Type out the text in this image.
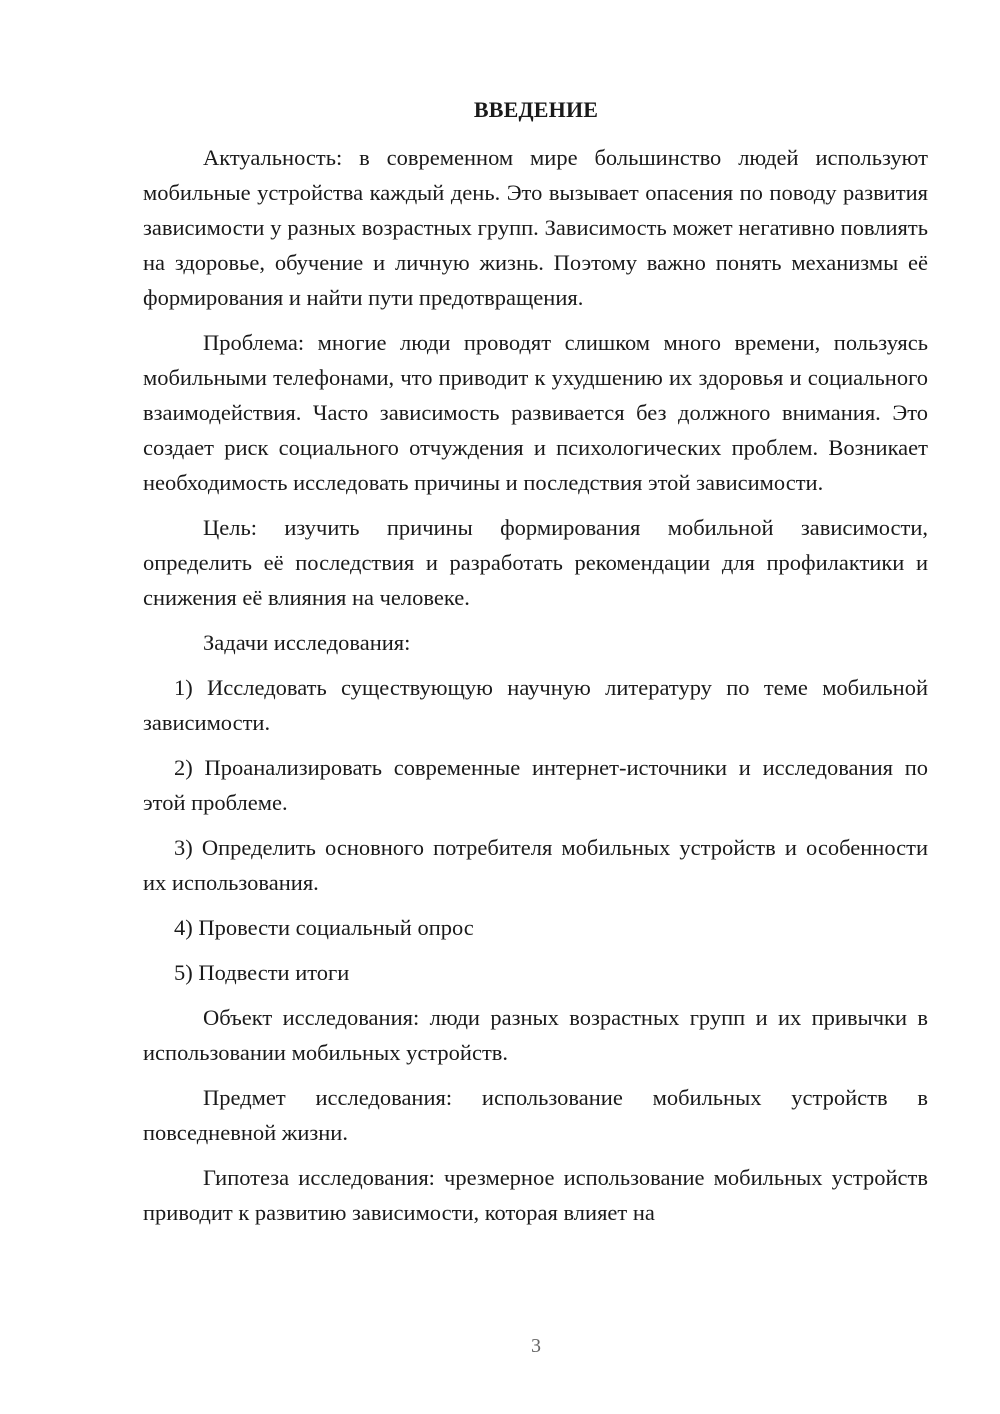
ВВЕДЕНИЕ

Актуальность: в современном мире большинство людей используют мобильные устройства каждый день. Это вызывает опасения по поводу развития зависимости у разных возрастных групп. Зависимость может негативно повлиять на здоровье, обучение и личную жизнь. Поэтому важно понять механизмы её формирования и найти пути предотвращения.

Проблема: многие люди проводят слишком много времени, пользуясь мобильными телефонами, что приводит к ухудшению их здоровья и социального взаимодействия. Часто зависимость развивается без должного внимания. Это создает риск социального отчуждения и психологических проблем. Возникает необходимость исследовать причины и последствия этой зависимости.

Цель: изучить причины формирования мобильной зависимости, определить её последствия и разработать рекомендации для профилактики и снижения её влияния на человеке.

Задачи исследования:

1) Исследовать существующую научную литературу по теме мобильной зависимости.

2) Проанализировать современные интернет-источники и исследования по этой проблеме.

3) Определить основного потребителя мобильных устройств и особенности их использования.

4) Провести социальный опрос

5) Подвести итоги

Объект исследования: люди разных возрастных групп и их привычки в использовании мобильных устройств.

Предмет исследования: использование мобильных устройств в повседневной жизни.

Гипотеза исследования: чрезмерное использование мобильных устройств приводит к развитию зависимости, которая влияет на

3
